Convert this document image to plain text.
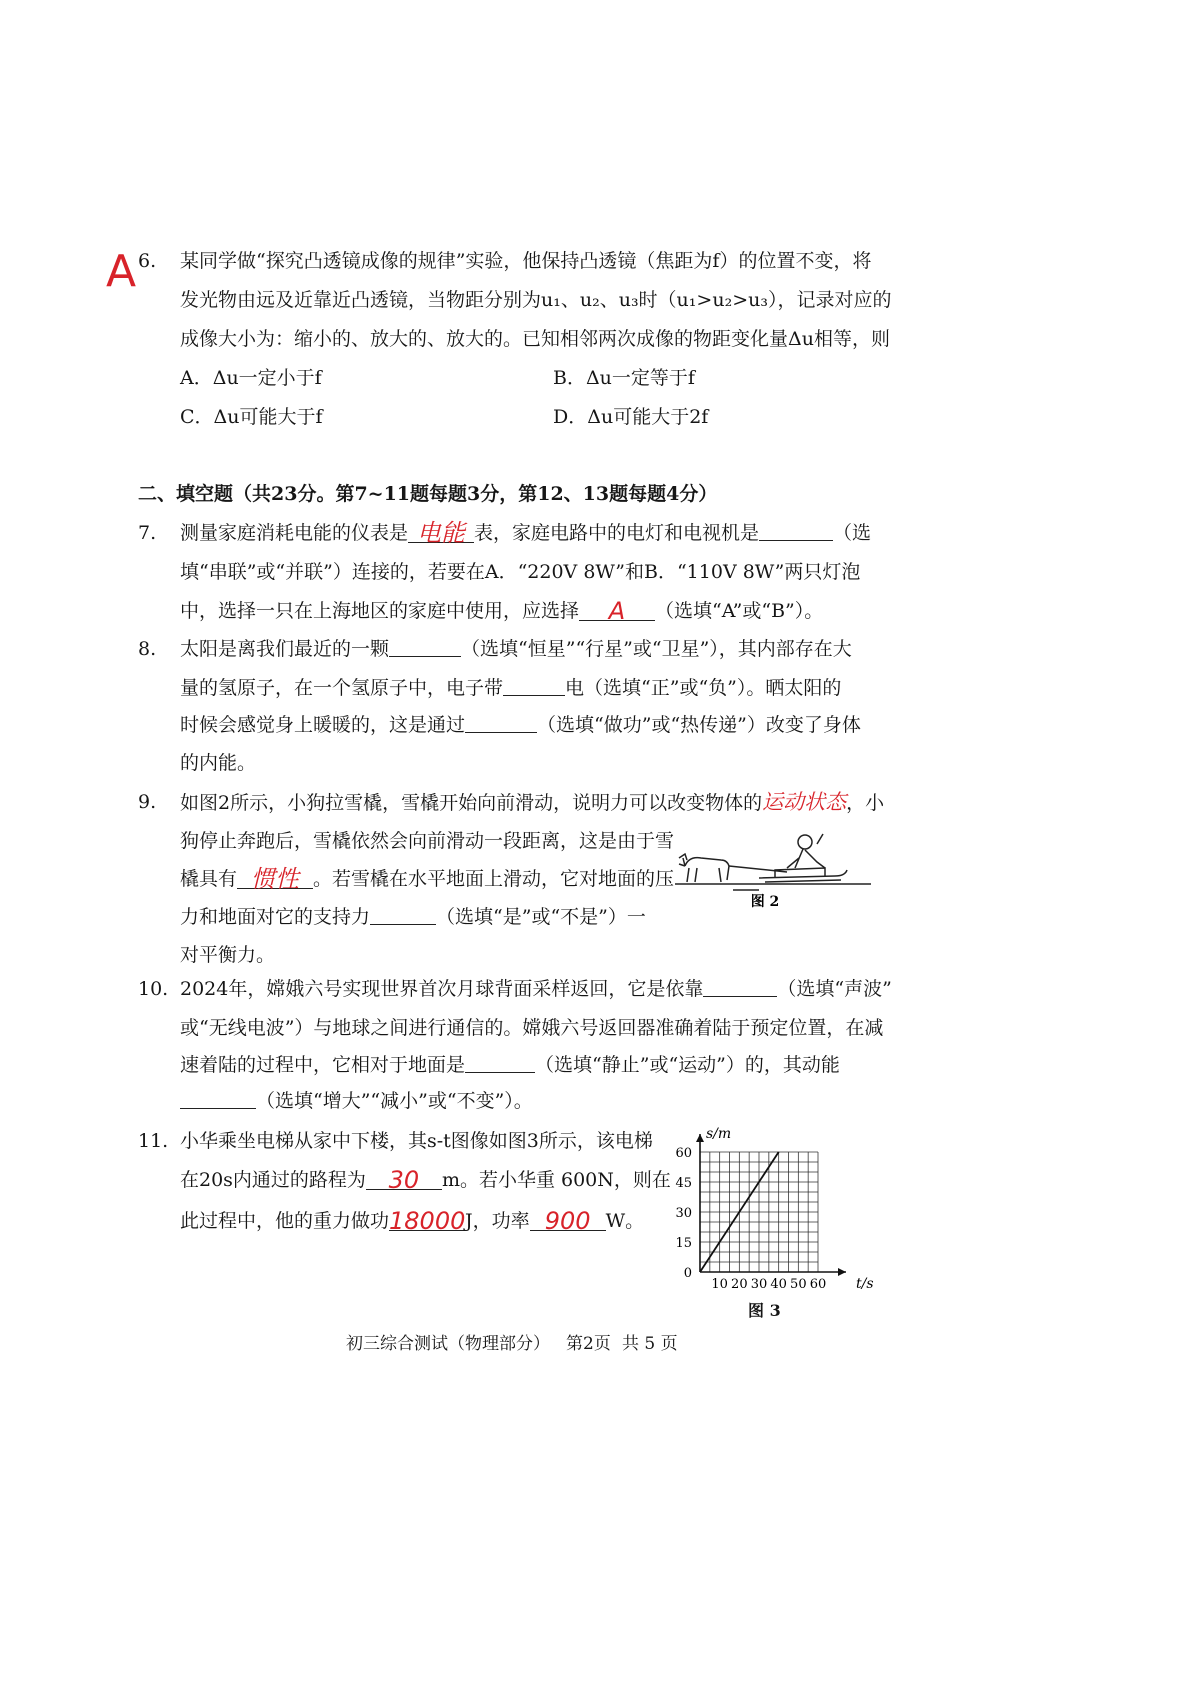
A 6. 某同学做“探究凸透镜成像的规律”实验，他保持凸透镜（焦距为f）的位置不变，将
发光物由远及近靠近凸透镜，当物距分别为u₁、u₂、u₃时（u₁>u₂>u₃），记录对应的
成像大小为：缩小的、放大的、放大的。已知相邻两次成像的物距变化量Δu相等，则
A．Δu一定小于f	B．Δu一定等于f
C．Δu可能大于f	D．Δu可能大于2f
二、填空题（共23分。第7~11题每题3分，第12、13题每题4分）
7. 测量家庭消耗电能的仪表是 电能 表，家庭电路中的电灯和电视机是	（选
填“串联”或“并联”）连接的，若要在A．“220V 8W”和B．“110V 8W”两只灯泡
中，选择一只在上海地区的家庭中使用，应选择 A （选填“A”或“B”）。
8. 太阳是离我们最近的一颗	（选填“恒星”“行星”或“卫星”），其内部存在大
量的氢原子，在一个氢原子中，电子带	电（选填“正”或“负”）。晒太阳的
时候会感觉身上暖暖的，这是通过	（选填“做功”或“热传递”）改变了身体
的内能。
9. 如图2所示，小狗拉雪橇，雪橇开始向前滑动，说明力可以改变物体的运动状态，小
狗停止奔跑后，雪橇依然会向前滑动一段距离，这是由于雪
橇具有 惯性 。若雪橇在水平地面上滑动，它对地面的压
力和地面对它的支持力	（选填“是”或“不是”）一
对平衡力。
图 2
10. 2024年，嫦娥六号实现世界首次月球背面采样返回，它是依靠	（选填“声波”
或“无线电波”）与地球之间进行通信的。嫦娥六号返回器准确着陆于预定位置，在减
速着陆的过程中，它相对于地面是	（选填“静止”或“运动”）的，其动能
（选填“增大”“减小”或“不变”）。
11. 小华乘坐电梯从家中下楼，其s-t图像如图3所示，该电梯
在20s内通过的路程为 30 m。若小华重 600N，则在
此过程中，他的重力做功18000J，功率 900 W。
10 20 30 40 50 60
0
15
30
45
60
t/s
s/m
图 3
初三综合测试（物理部分） 第2页 共 5 页
